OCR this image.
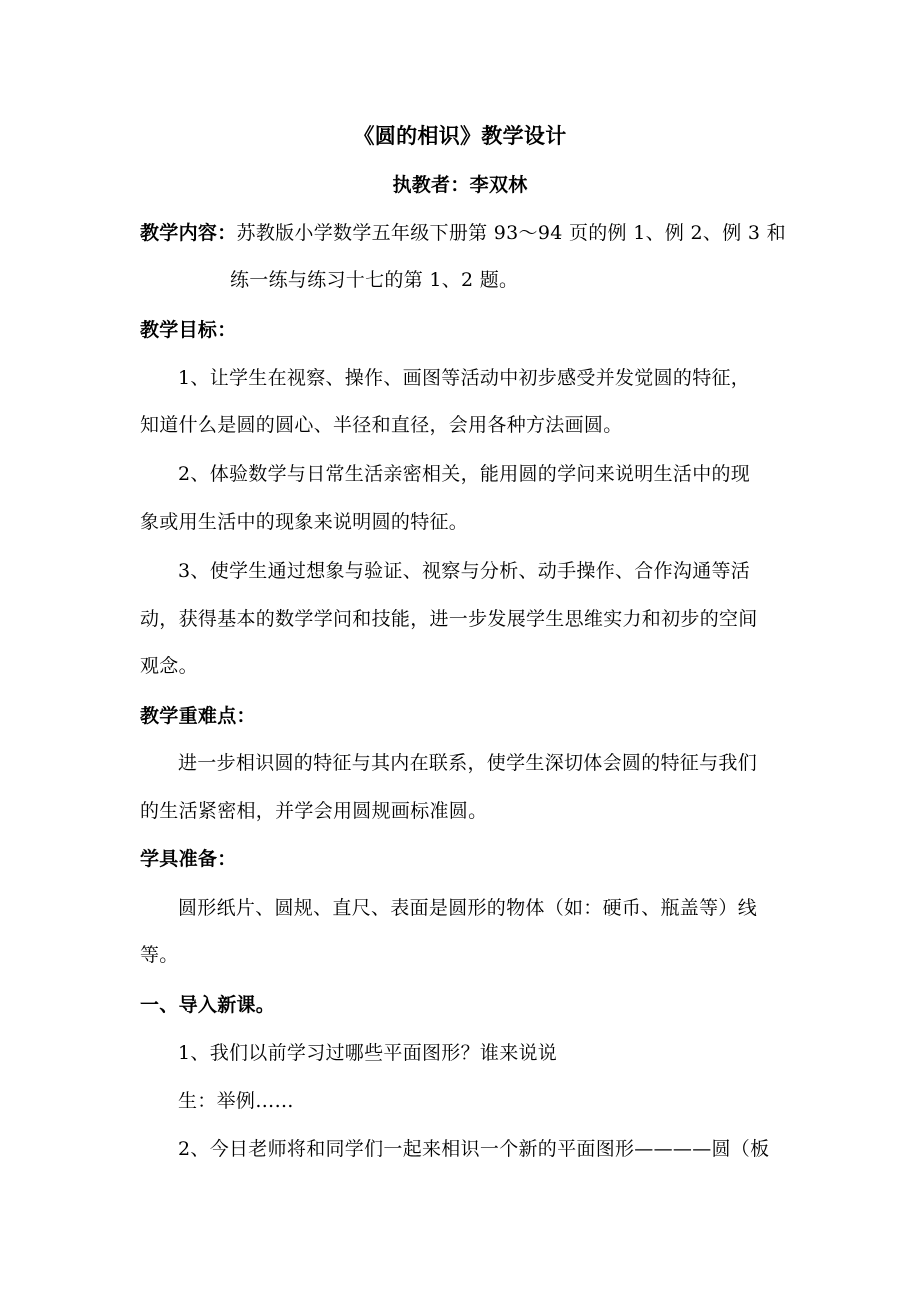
《圆的相识》教学设计
执教者：李双林
教学内容：苏教版小学数学五年级下册第 93～94 页的例 1、例 2、例 3 和
练一练与练习十七的第 1、2 题。
教学目标：
1、让学生在视察、操作、画图等活动中初步感受并发觉圆的特征，
知道什么是圆的圆心、半径和直径，会用各种方法画圆。
2、体验数学与日常生活亲密相关，能用圆的学问来说明生活中的现
象或用生活中的现象来说明圆的特征。
3、使学生通过想象与验证、视察与分析、动手操作、合作沟通等活
动，获得基本的数学学问和技能，进一步发展学生思维实力和初步的空间
观念。
教学重难点：
进一步相识圆的特征与其内在联系，使学生深切体会圆的特征与我们
的生活紧密相，并学会用圆规画标准圆。
学具准备：
圆形纸片、圆规、直尺、表面是圆形的物体（如：硬币、瓶盖等）线
等。
一、导入新课。
1、我们以前学习过哪些平面图形？谁来说说
生：举例……
2、今日老师将和同学们一起来相识一个新的平面图形————圆（板
